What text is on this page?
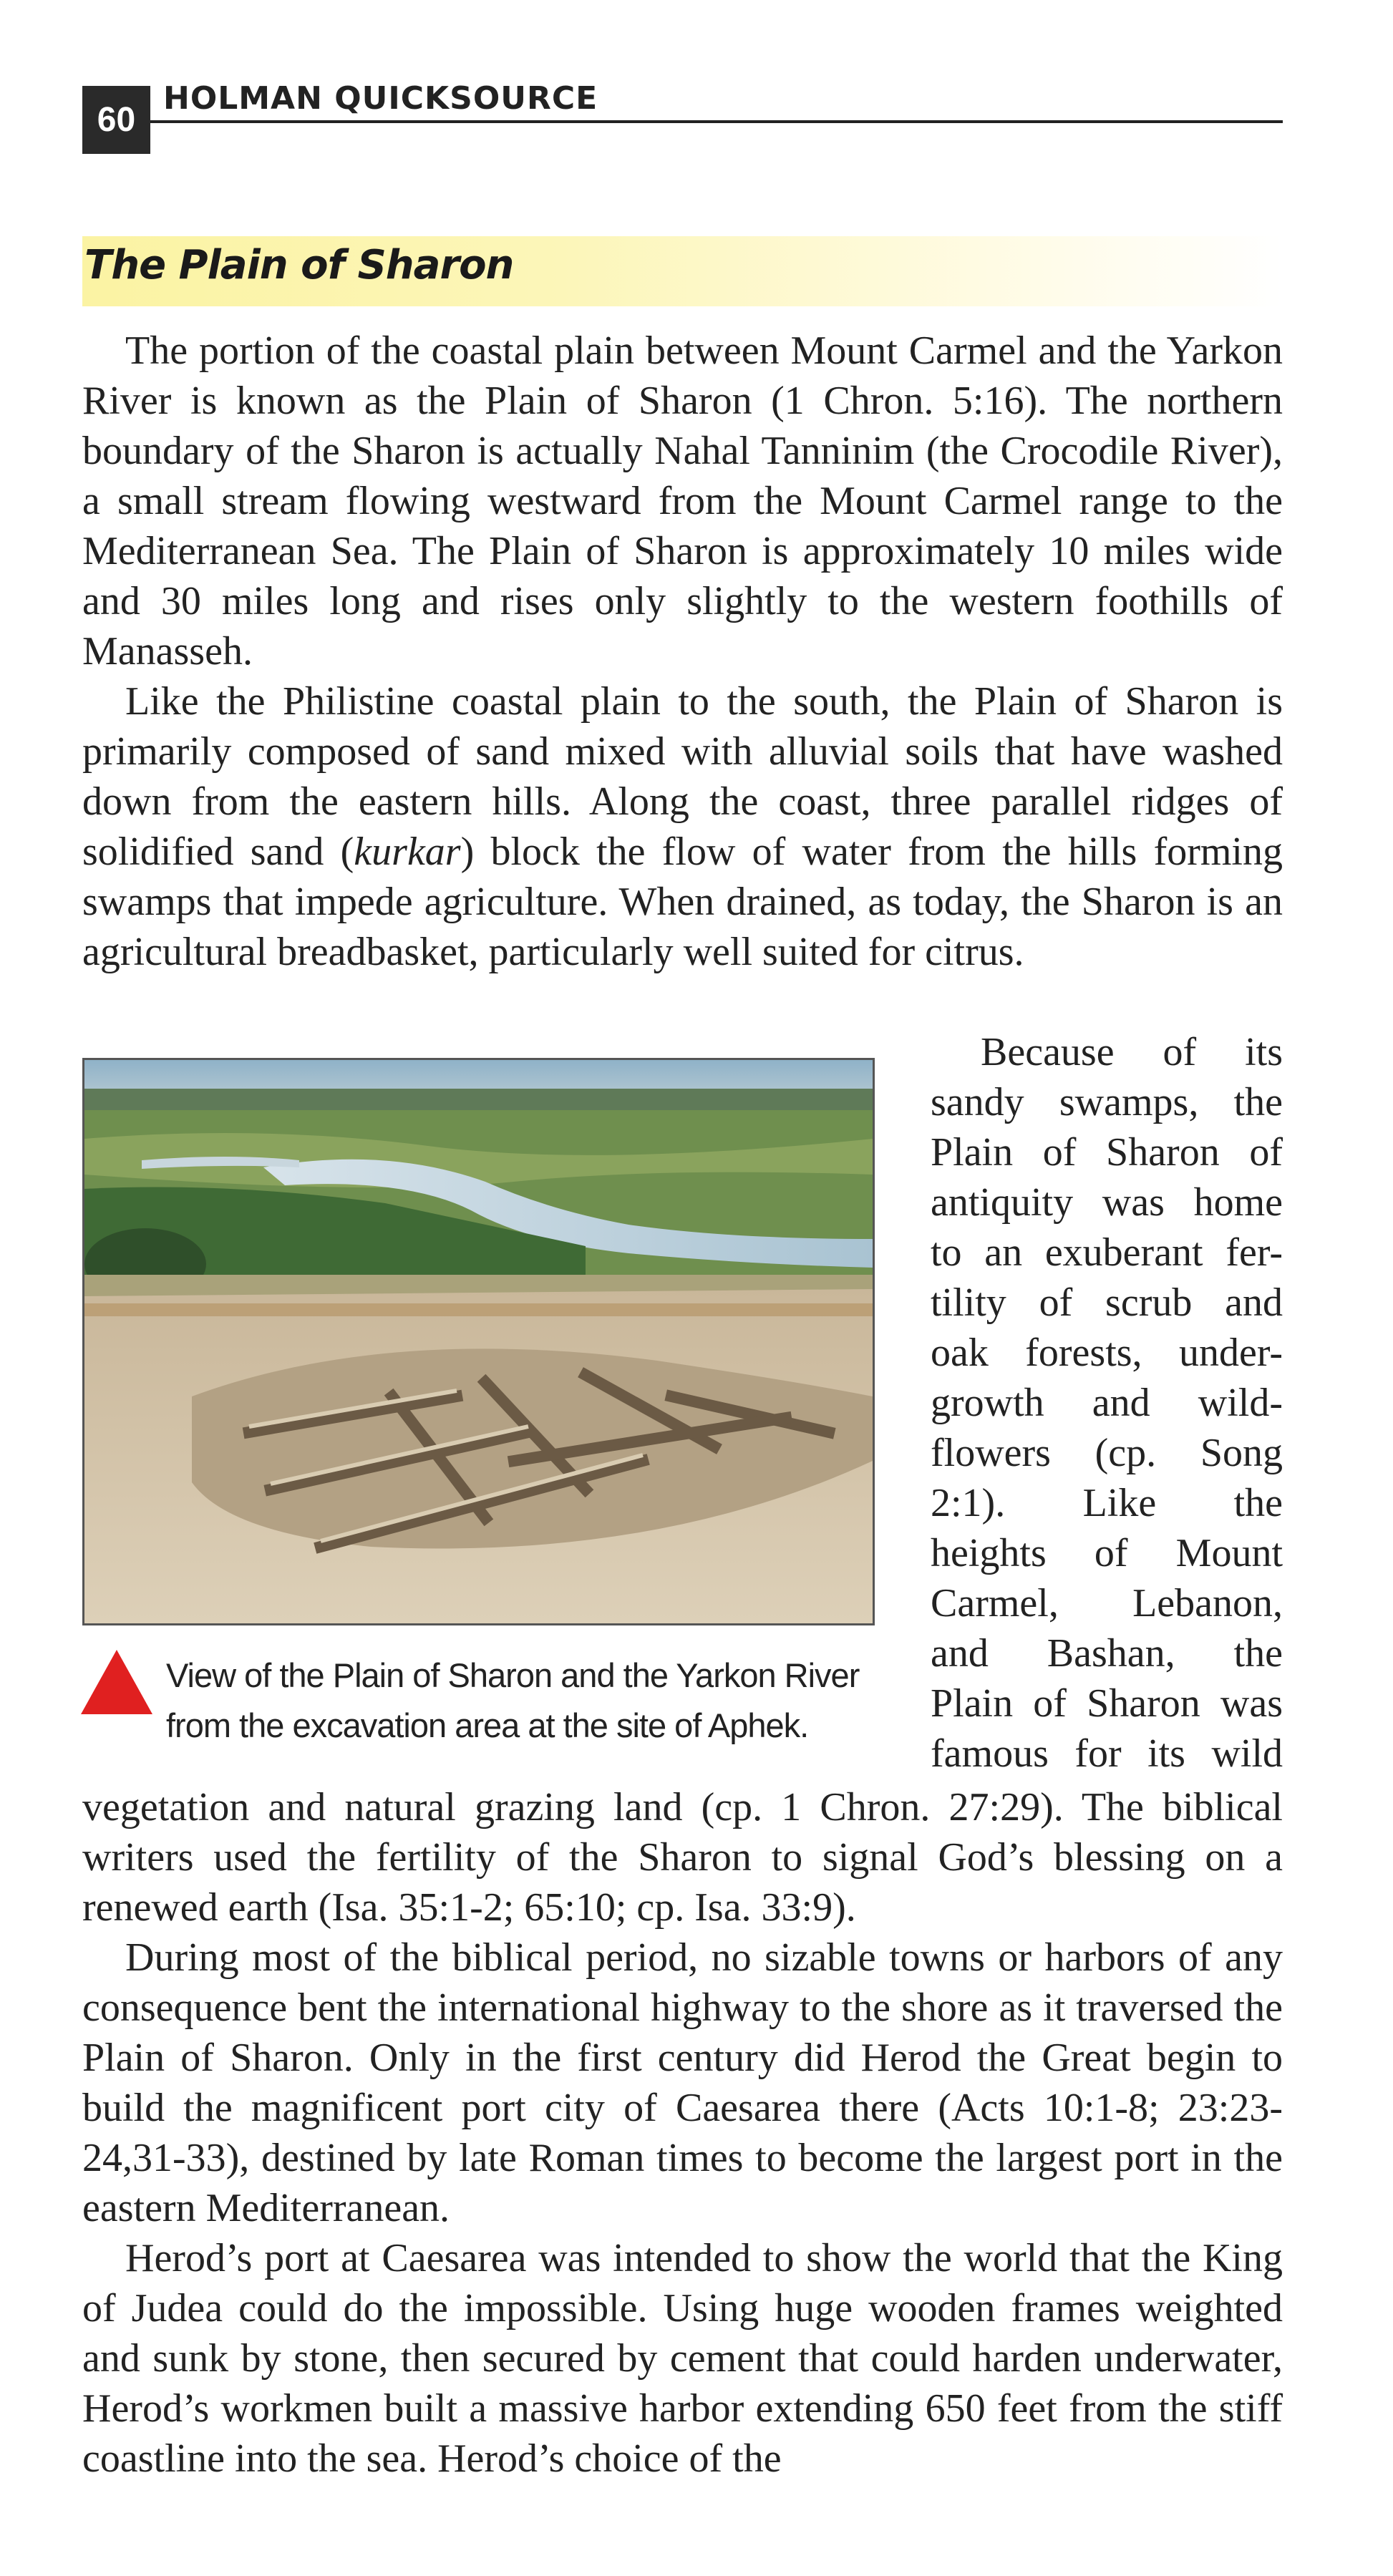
60
HOLMAN QUICKSOURCE
The Plain of Sharon

The portion of the coastal plain between Mount Carmel and the Yarkon River is known as the Plain of Sharon (1 Chron. 5:16). The northern boundary of the Sharon is actually Nahal Tanninim (the Crocodile River), a small stream flowing westward from the Mount Carmel range to the Mediterranean Sea. The Plain of Sharon is approximately 10 miles wide and 30 miles long and rises only slightly to the western foothills of Manasseh.

Like the Philistine coastal plain to the south, the Plain of Sharon is primarily composed of sand mixed with alluvial soils that have washed down from the eastern hills. Along the coast, three parallel ridges of solidified sand (kurkar) block the flow of water from the hills forming swamps that impede agriculture. When drained, as today, the Sharon is an agricultural breadbasket, particularly well suited for citrus.

View of the Plain of Sharon and the Yarkon River
from the excavation area at the site of Aphek.
Because of its
sandy swamps, the
Plain of Sharon of
antiquity was home
to an exuberant fer-
tility of scrub and
oak forests, under-
growth and wild-
flowers (cp. Song
2:1). Like the
heights of Mount
Carmel, Lebanon,
and Bashan, the
Plain of Sharon was
famous for its wild

vegetation and natural grazing land (cp. 1 Chron. 27:29). The biblical writers used the fertility of the Sharon to signal God’s blessing on a renewed earth (Isa. 35:1-2; 65:10; cp. Isa. 33:9).

During most of the biblical period, no sizable towns or harbors of any consequence bent the international highway to the shore as it traversed the Plain of Sharon. Only in the first century did Herod the Great begin to build the magnificent port city of Caesarea there (Acts 10:1-8; 23:23-24,31-33), destined by late Roman times to become the largest port in the eastern Mediterranean.

Herod’s port at Caesarea was intended to show the world that the King of Judea could do the impossible. Using huge wooden frames weighted and sunk by stone, then secured by cement that could harden underwater, Herod’s workmen built a massive harbor extending 650 feet from the stiff coastline into the sea. Herod’s choice of the
